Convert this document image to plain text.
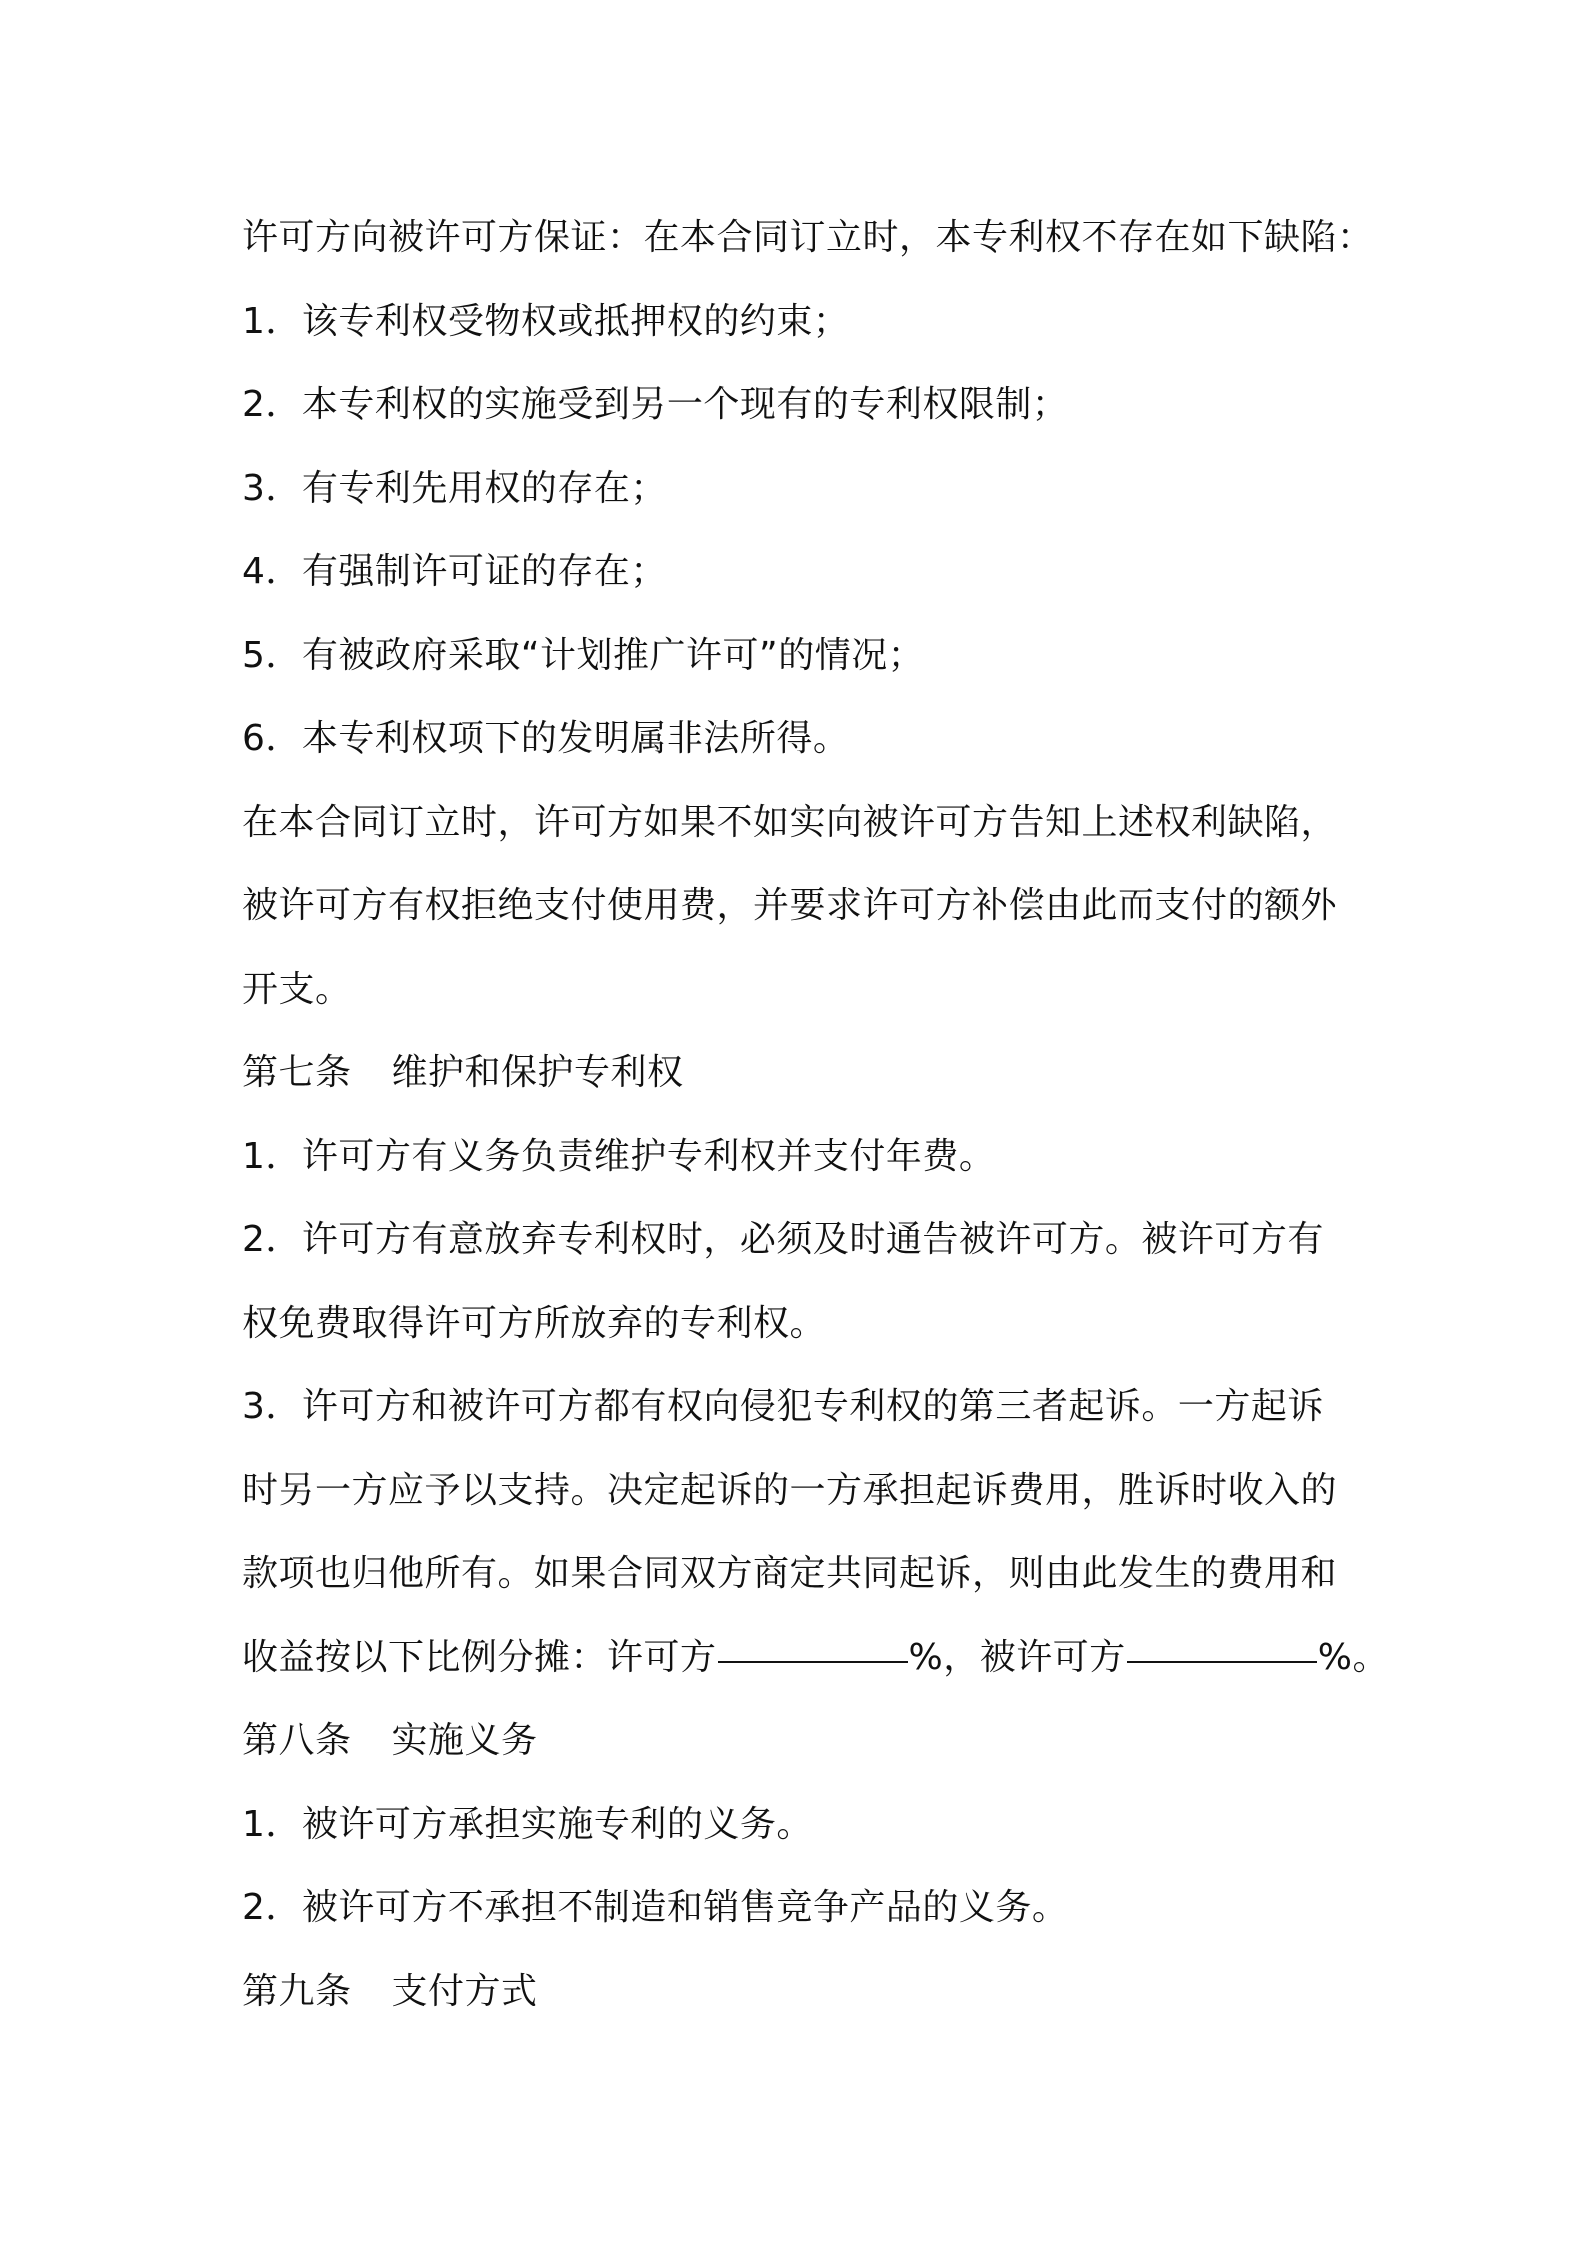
许可方向被许可方保证：在本合同订立时，本专利权不存在如下缺陷：
1．该专利权受物权或抵押权的约束；
2．本专利权的实施受到另一个现有的专利权限制；
3．有专利先用权的存在；
4．有强制许可证的存在；
5．有被政府采取“计划推广许可”的情况；
6．本专利权项下的发明属非法所得。
在本合同订立时，许可方如果不如实向被许可方告知上述权利缺陷，
被许可方有权拒绝支付使用费，并要求许可方补偿由此而支付的额外
开支。
第七条 维护和保护专利权
1．许可方有义务负责维护专利权并支付年费。
2．许可方有意放弃专利权时，必须及时通告被许可方。被许可方有
权免费取得许可方所放弃的专利权。
3．许可方和被许可方都有权向侵犯专利权的第三者起诉。一方起诉
时另一方应予以支持。决定起诉的一方承担起诉费用，胜诉时收入的
款项也归他所有。如果合同双方商定共同起诉，则由此发生的费用和
收益按以下比例分摊：许可方	%，被许可方	%。
第八条 实施义务
1．被许可方承担实施专利的义务。
2．被许可方不承担不制造和销售竞争产品的义务。
第九条 支付方式
